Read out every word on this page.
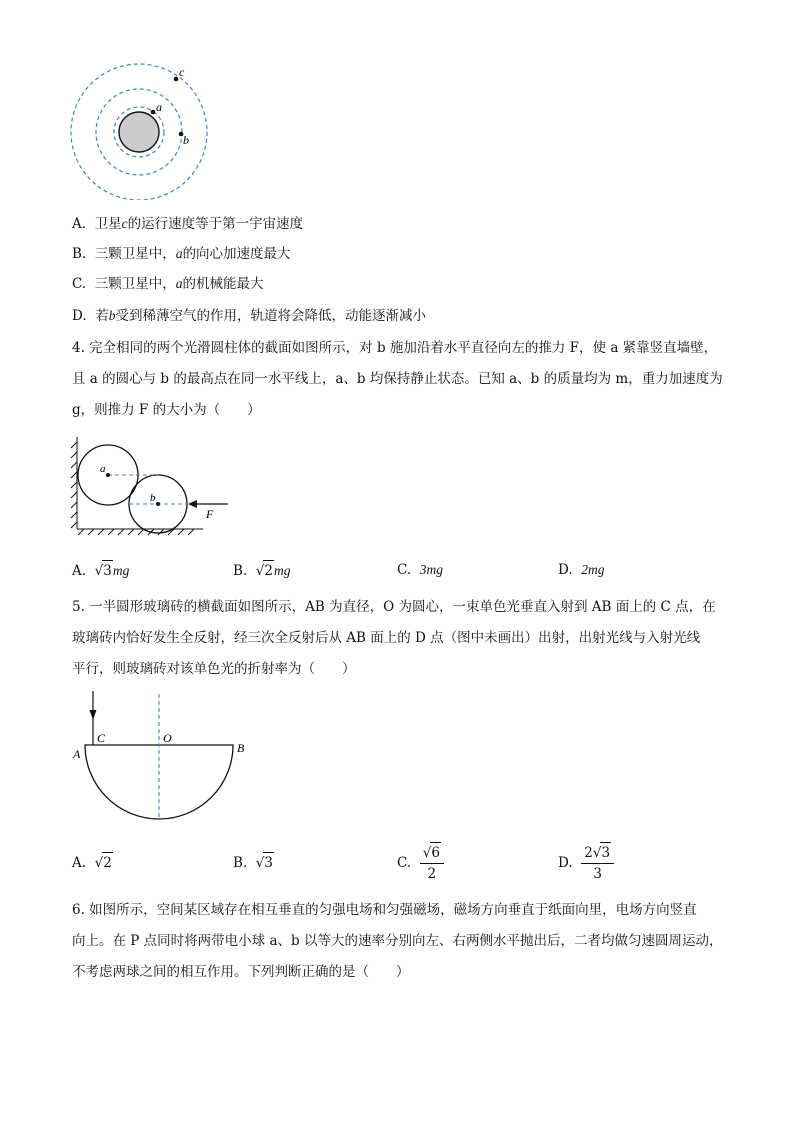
a
b
c
A. 卫星c的运行速度等于第一宇宙速度
B. 三颗卫星中，a的向心加速度最大
C. 三颗卫星中，a的机械能最大
D. 若b受到稀薄空气的作用，轨道将会降低，动能逐渐减小
4. 完全相同的两个光滑圆柱体的截面如图所示，对 b 施加沿着水平直径向左的推力 F，使 a 紧靠竖直墙壁，
且 a 的圆心与 b 的最高点在同一水平线上，a、b 均保持静止状态。已知 a、b 的质量均为 m，重力加速度为
g，则推力 F 的大小为（　　）
a
b
F
A.  √3mg	B.  √2mg	C. 3mg	D. 2mg
5. 一半圆形玻璃砖的横截面如图所示，AB 为直径，O 为圆心，一束单色光垂直入射到 AB 面上的 C 点，在
玻璃砖内恰好发生全反射，经三次全反射后从 AB 面上的 D 点（图中未画出）出射，出射光线与入射光线
平行，则玻璃砖对该单色光的折射率为（　　）
A
C	O
B
A.  √2	B.  √3	C. $\frac{√6}{2}$	D. $\frac{2√3}{3}$
6. 如图所示，空间某区域存在相互垂直的匀强电场和匀强磁场，磁场方向垂直于纸面向里，电场方向竖直
向上。在 P 点同时将两带电小球 a、b 以等大的速率分别向左、右两侧水平抛出后，二者均做匀速圆周运动，
不考虑两球之间的相互作用。下列判断正确的是（　　）
